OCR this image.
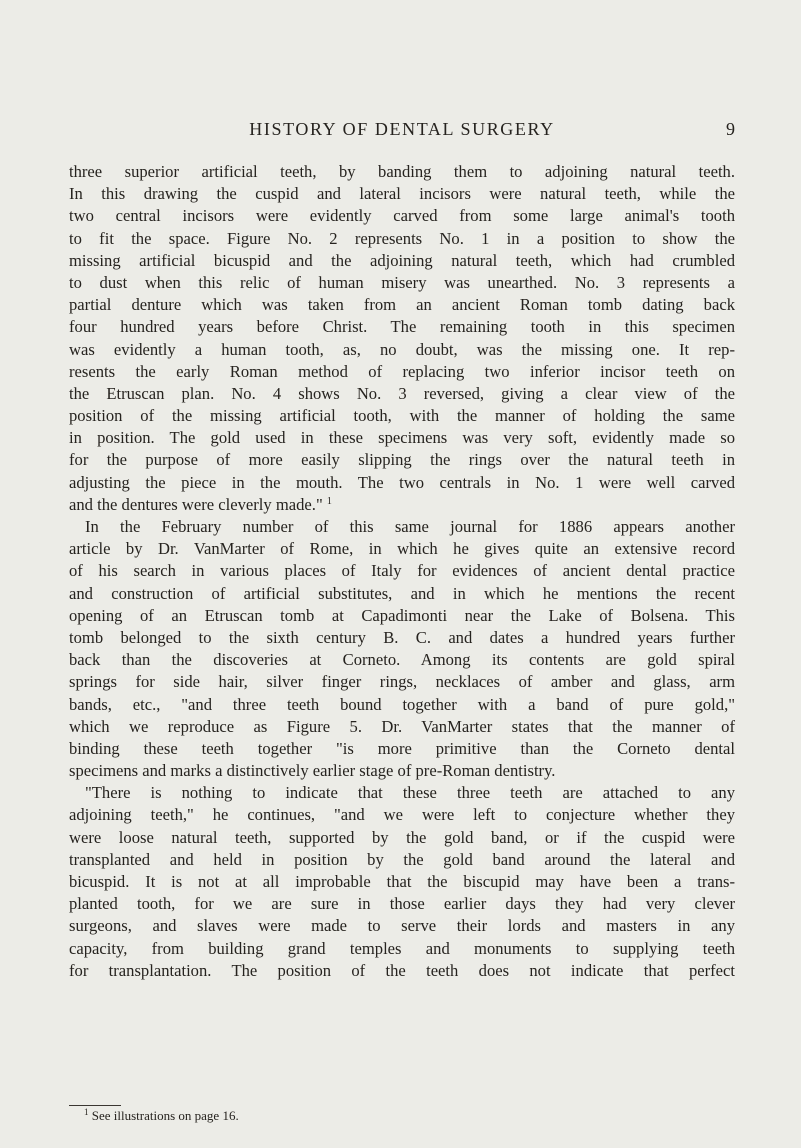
HISTORY OF DENTAL SURGERY	9
three superior artificial teeth, by banding them to adjoining natural teeth.
In this drawing the cuspid and lateral incisors were natural teeth, while the
two central incisors were evidently carved from some large animal's tooth
to fit the space. Figure No. 2 represents No. 1 in a position to show the
missing artificial bicuspid and the adjoining natural teeth, which had crumbled
to dust when this relic of human misery was unearthed. No. 3 represents a
partial denture which was taken from an ancient Roman tomb dating back
four hundred years before Christ. The remaining tooth in this specimen
was evidently a human tooth, as, no doubt, was the missing one. It rep-
resents the early Roman method of replacing two inferior incisor teeth on
the Etruscan plan. No. 4 shows No. 3 reversed, giving a clear view of the
position of the missing artificial tooth, with the manner of holding the same
in position. The gold used in these specimens was very soft, evidently made so
for the purpose of more easily slipping the rings over the natural teeth in
adjusting the piece in the mouth. The two centrals in No. 1 were well carved
and the dentures were cleverly made." $^1$
In the February number of this same journal for 1886 appears another
article by Dr. VanMarter of Rome, in which he gives quite an extensive record
of his search in various places of Italy for evidences of ancient dental practice
and construction of artificial substitutes, and in which he mentions the recent
opening of an Etruscan tomb at Capadimonti near the Lake of Bolsena. This
tomb belonged to the sixth century B. C. and dates a hundred years further
back than the discoveries at Corneto. Among its contents are gold spiral
springs for side hair, silver finger rings, necklaces of amber and glass, arm
bands, etc., "and three teeth bound together with a band of pure gold,"
which we reproduce as Figure 5. Dr. VanMarter states that the manner of
binding these teeth together "is more primitive than the Corneto dental
specimens and marks a distinctively earlier stage of pre-Roman dentistry.
"There is nothing to indicate that these three teeth are attached to any
adjoining teeth," he continues, "and we were left to conjecture whether they
were loose natural teeth, supported by the gold band, or if the cuspid were
transplanted and held in position by the gold band around the lateral and
bicuspid. It is not at all improbable that the biscupid may have been a trans-
planted tooth, for we are sure in those earlier days they had very clever
surgeons, and slaves were made to serve their lords and masters in any
capacity, from building grand temples and monuments to supplying teeth
for transplantation. The position of the teeth does not indicate that perfect
$^1$ See illustrations on page 16.
